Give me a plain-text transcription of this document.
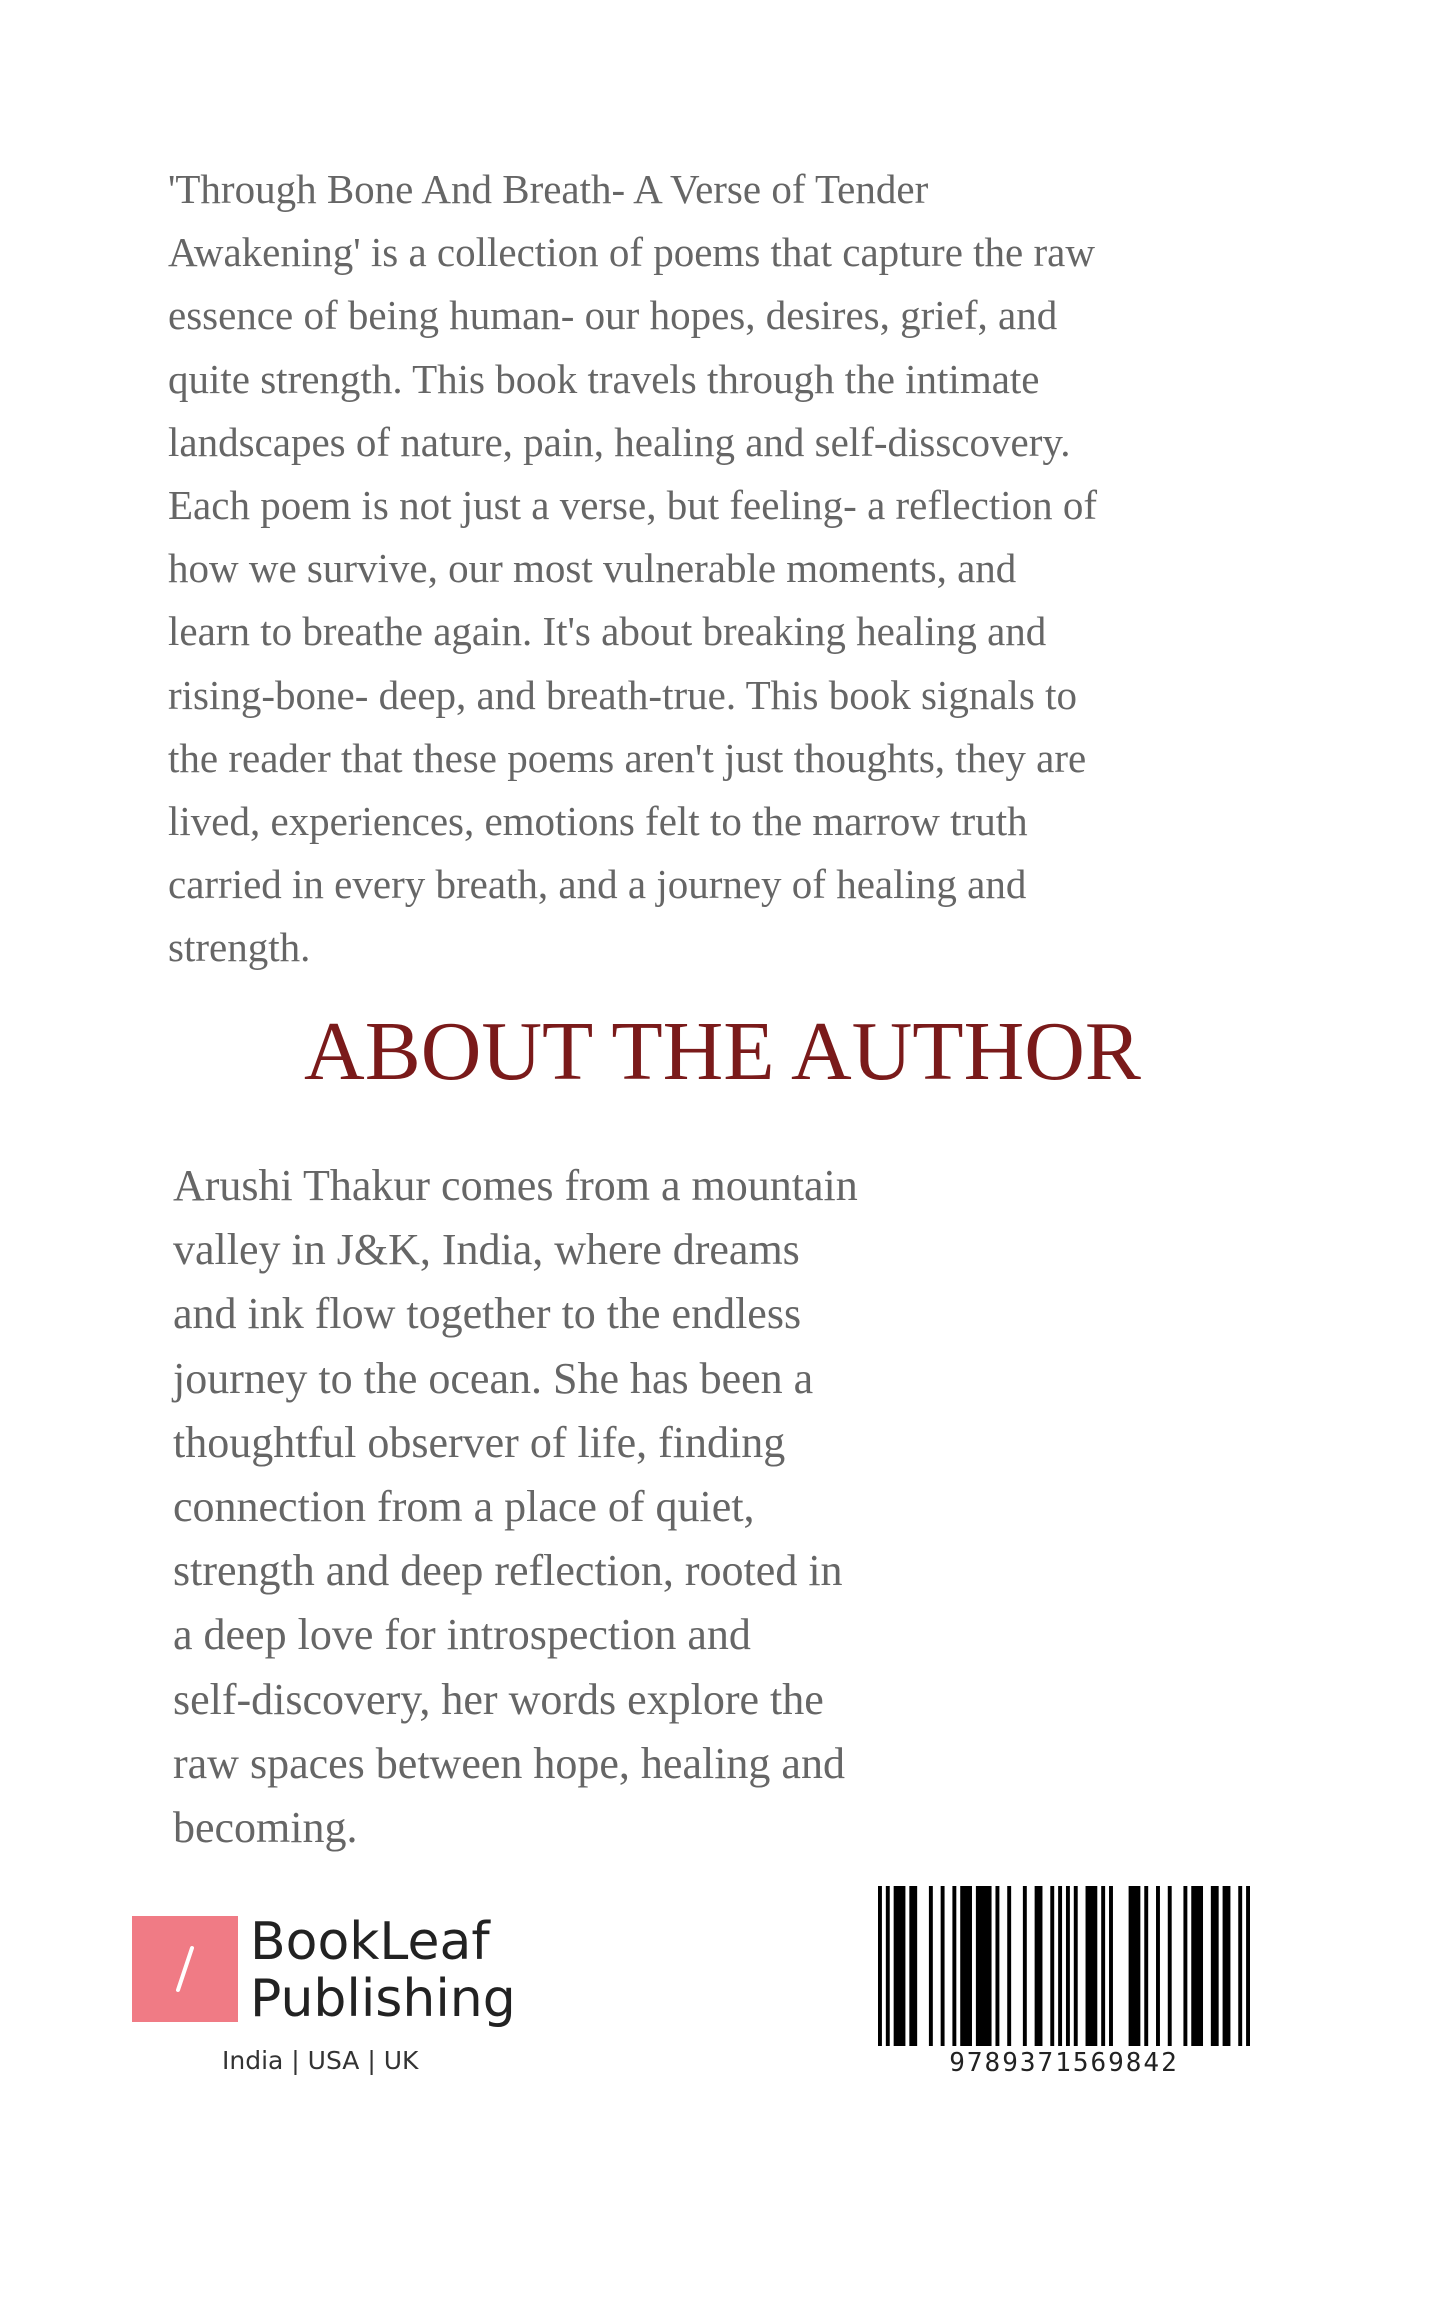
'Through Bone And Breath- A Verse of Tender
Awakening' is a collection of poems that capture the raw
essence of being human- our hopes, desires, grief, and
quite strength. This book travels through the intimate
landscapes of nature, pain, healing and self-disscovery.
Each poem is not just a verse, but feeling- a reflection of
how we survive, our most vulnerable moments, and
learn to breathe again. It's about breaking healing and
rising-bone- deep, and breath-true. This book signals to
the reader that these poems aren't just thoughts, they are
lived, experiences, emotions felt to the marrow truth
carried in every breath, and a journey of healing and
strength.
ABOUT THE AUTHOR
Arushi Thakur comes from a mountain
valley in J&K, India, where dreams
and ink flow together to the endless
journey to the ocean. She has been a
thoughtful observer of life, finding
connection from a place of quiet,
strength and deep reflection, rooted in
a deep love for introspection and
self-discovery, her words explore the
raw spaces between hope, healing and
becoming.
BookLeaf
Publishing
India | USA | UK	9789371569842
